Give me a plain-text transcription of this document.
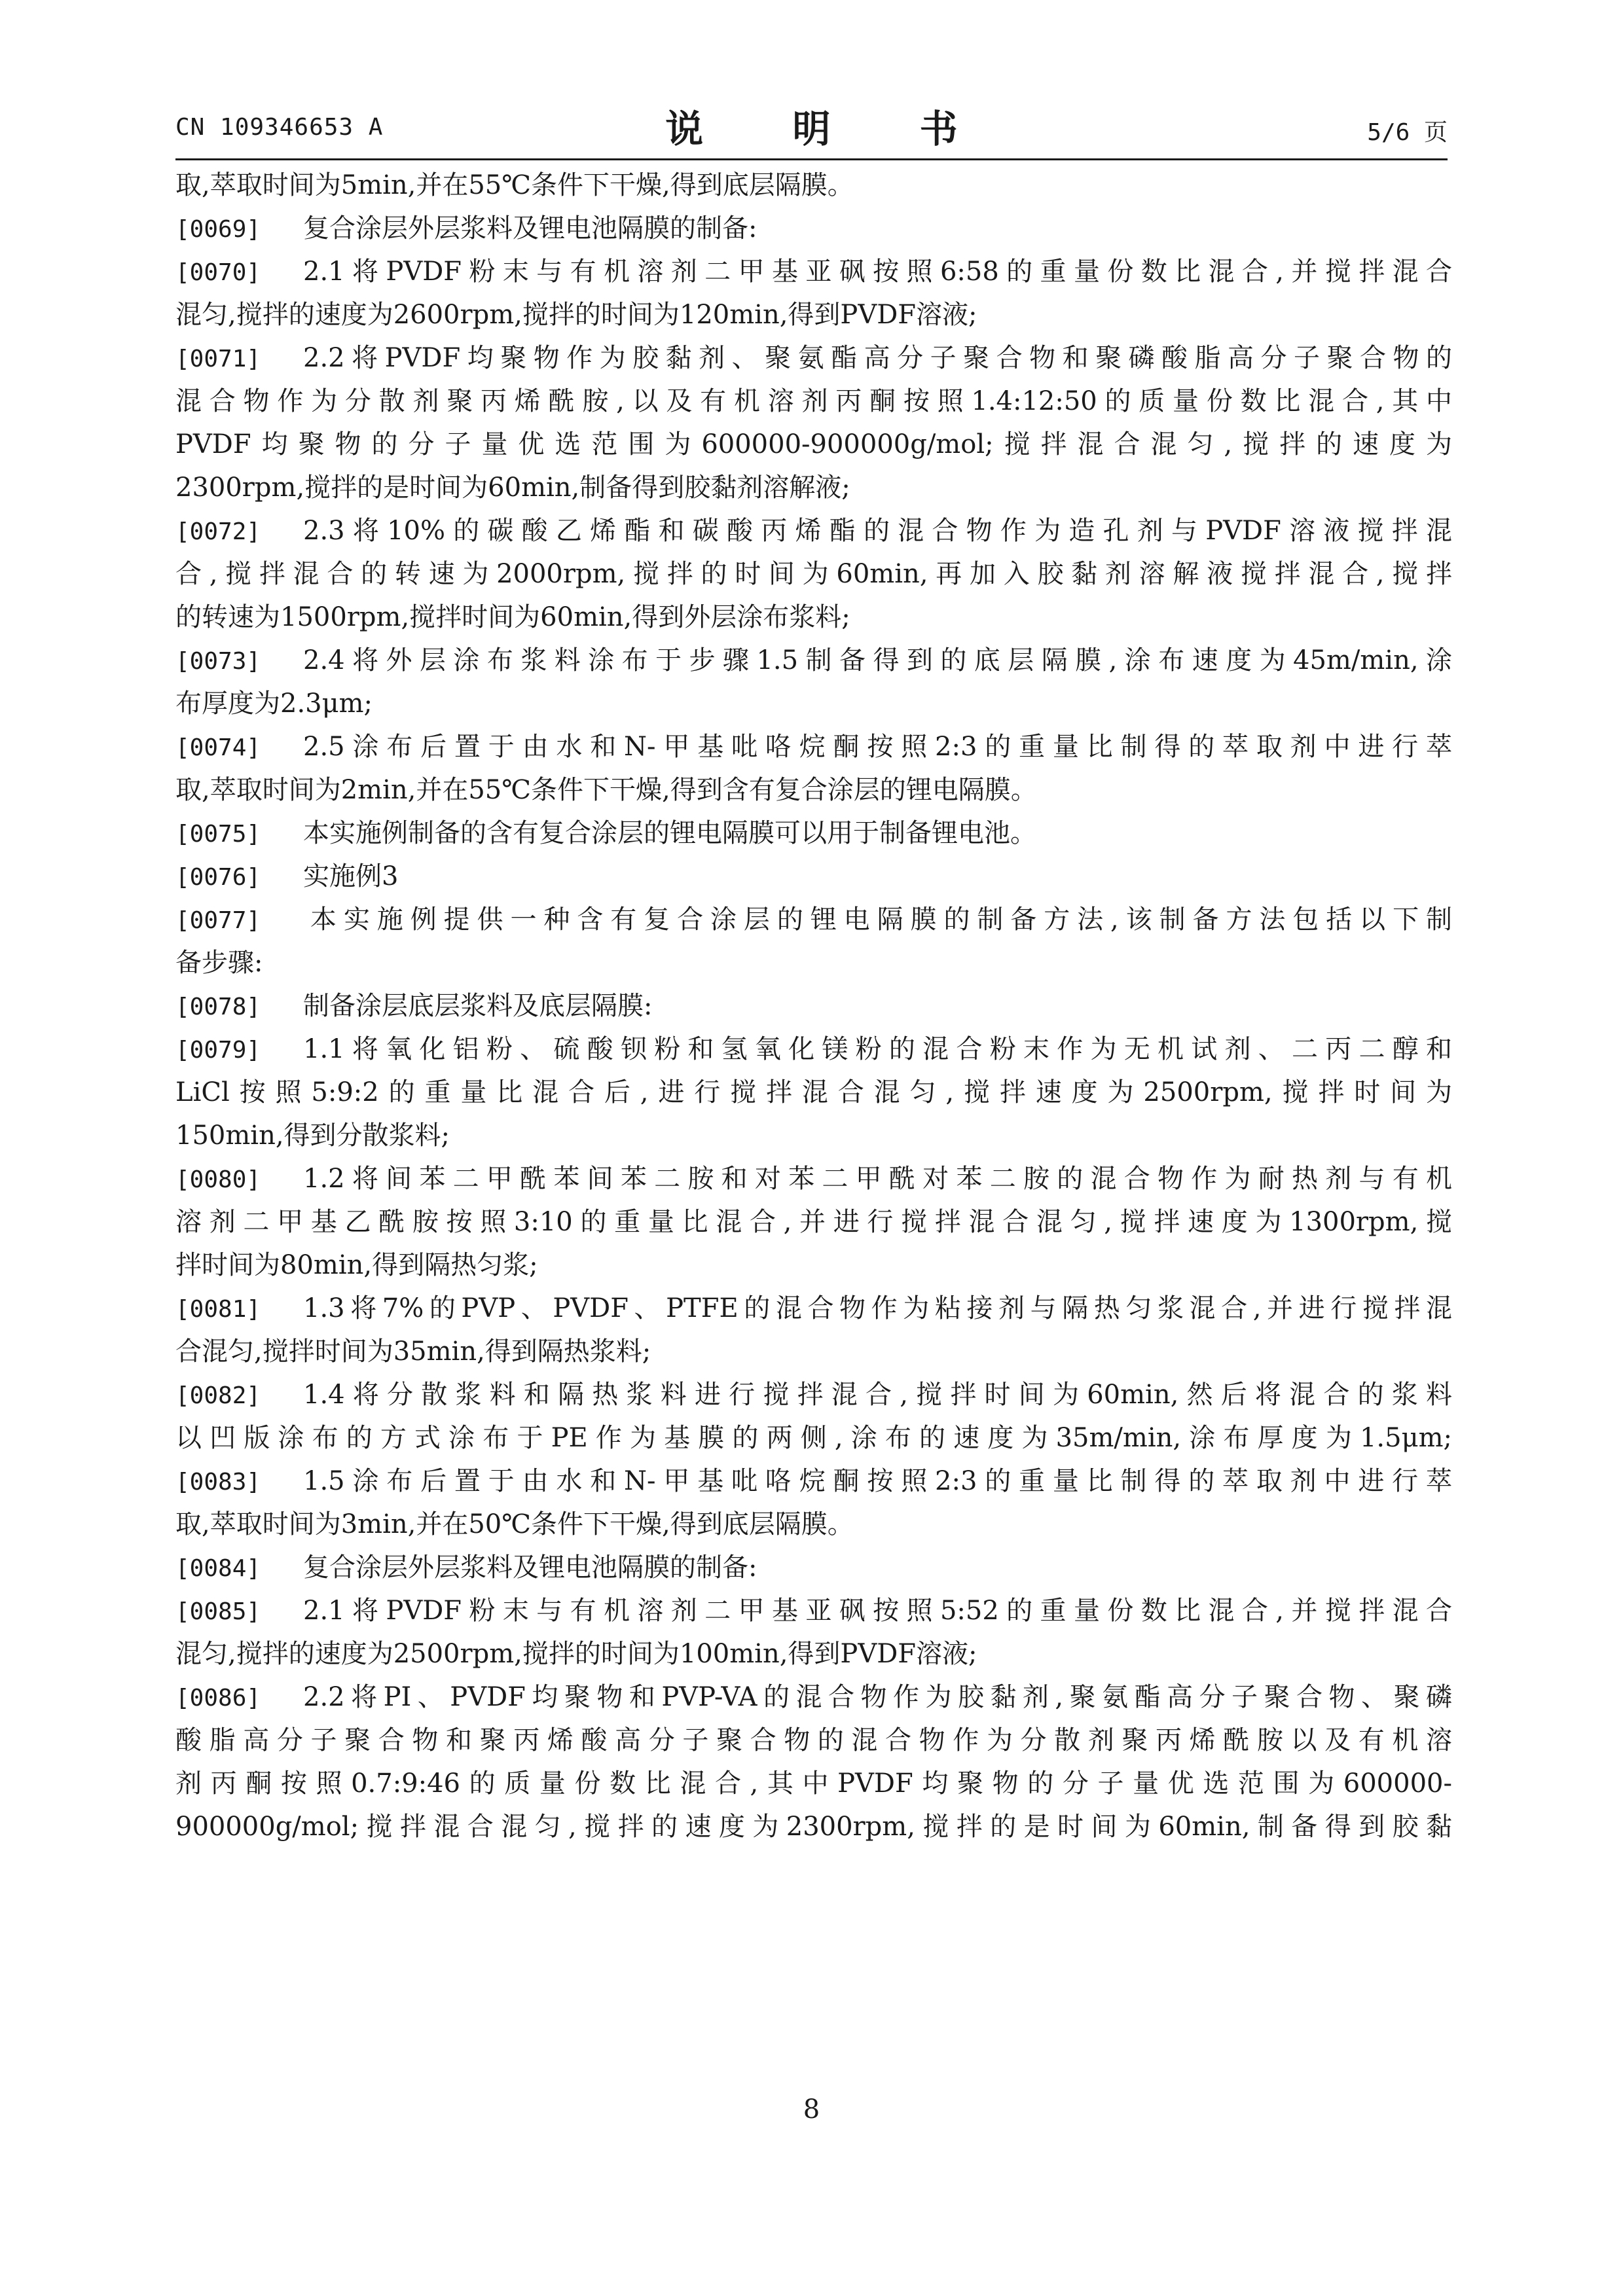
CN 109346653 A	说 明 书	5/6 页
取,萃取时间为5min,并在55℃条件下干燥,得到底层隔膜。
[0069] 复合涂层外层浆料及锂电池隔膜的制备:
[0070] 2.1将PVDF粉末与有机溶剂二甲基亚砜按照6:58的重量份数比混合,并搅拌混合
混匀,搅拌的速度为2600rpm,搅拌的时间为120min,得到PVDF溶液;
[0071] 2.2将PVDF均聚物作为胶黏剂、聚氨酯高分子聚合物和聚磷酸脂高分子聚合物的
混合物作为分散剂聚丙烯酰胺,以及有机溶剂丙酮按照1.4:12:50的质量份数比混合,其中
PVDF均聚物的分子量优选范围为600000-900000g/mol;搅拌混合混匀,搅拌的速度为
2300rpm,搅拌的是时间为60min,制备得到胶黏剂溶解液;
[0072] 2.3将10%的碳酸乙烯酯和碳酸丙烯酯的混合物作为造孔剂与PVDF溶液搅拌混
合,搅拌混合的转速为2000rpm,搅拌的时间为60min,再加入胶黏剂溶解液搅拌混合,搅拌
的转速为1500rpm,搅拌时间为60min,得到外层涂布浆料;
[0073] 2.4将外层涂布浆料涂布于步骤1.5制备得到的底层隔膜,涂布速度为45m/min,涂
布厚度为2.3μm;
[0074] 2.5涂布后置于由水和N-甲基吡咯烷酮按照2:3的重量比制得的萃取剂中进行萃
取,萃取时间为2min,并在55℃条件下干燥,得到含有复合涂层的锂电隔膜。
[0075] 本实施例制备的含有复合涂层的锂电隔膜可以用于制备锂电池。
[0076] 实施例3
[0077] 本实施例提供一种含有复合涂层的锂电隔膜的制备方法,该制备方法包括以下制
备步骤:
[0078] 制备涂层底层浆料及底层隔膜:
[0079] 1.1将氧化铝粉、硫酸钡粉和氢氧化镁粉的混合粉末作为无机试剂、二丙二醇和
LiCl按照5:9:2的重量比混合后,进行搅拌混合混匀,搅拌速度为2500rpm,搅拌时间为
150min,得到分散浆料;
[0080] 1.2将间苯二甲酰苯间苯二胺和对苯二甲酰对苯二胺的混合物作为耐热剂与有机
溶剂二甲基乙酰胺按照3:10的重量比混合,并进行搅拌混合混匀,搅拌速度为1300rpm,搅
拌时间为80min,得到隔热匀浆;
[0081] 1.3将7%的PVP、PVDF、PTFE的混合物作为粘接剂与隔热匀浆混合,并进行搅拌混
合混匀,搅拌时间为35min,得到隔热浆料;
[0082] 1.4将分散浆料和隔热浆料进行搅拌混合,搅拌时间为60min,然后将混合的浆料
以凹版涂布的方式涂布于PE作为基膜的两侧,涂布的速度为35m/min,涂布厚度为1.5μm;
[0083] 1.5涂布后置于由水和N-甲基吡咯烷酮按照2:3的重量比制得的萃取剂中进行萃
取,萃取时间为3min,并在50℃条件下干燥,得到底层隔膜。
[0084] 复合涂层外层浆料及锂电池隔膜的制备:
[0085] 2.1将PVDF粉末与有机溶剂二甲基亚砜按照5:52的重量份数比混合,并搅拌混合
混匀,搅拌的速度为2500rpm,搅拌的时间为100min,得到PVDF溶液;
[0086] 2.2将PI、PVDF均聚物和PVP-VA的混合物作为胶黏剂,聚氨酯高分子聚合物、聚磷
酸脂高分子聚合物和聚丙烯酸高分子聚合物的混合物作为分散剂聚丙烯酰胺以及有机溶
剂丙酮按照0.7:9:46的质量份数比混合,其中PVDF均聚物的分子量优选范围为600000-
900000g/mol;搅拌混合混匀,搅拌的速度为2300rpm,搅拌的是时间为60min,制备得到胶黏
8
